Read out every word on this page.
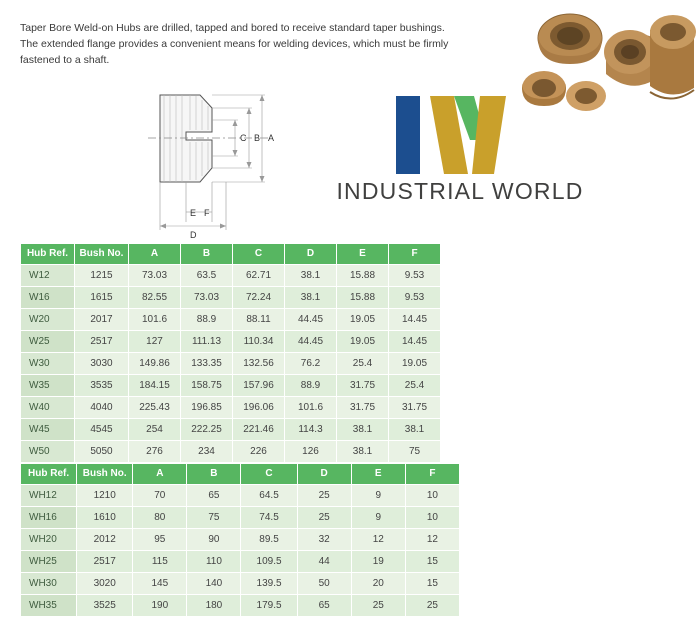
Taper Bore Weld-on Hubs are drilled, tapped and bored to receive standard taper bushings. The extended flange provides a convenient means for welding devices, which must be firmly fastened to a shaft.
A
B
C
E F
D
INDUSTRIAL WORLD
Hub Ref.	Bush No.	A	B	C	D	E	F
W12	1215	73.03	63.5	62.71	38.1	15.88	9.53
W16	1615	82.55	73.03	72.24	38.1	15.88	9.53
W20	2017	101.6	88.9	88.11	44.45	19.05	14.45
W25	2517	127	111.13	110.34	44.45	19.05	14.45
W30	3030	149.86	133.35	132.56	76.2	25.4	19.05
W35	3535	184.15	158.75	157.96	88.9	31.75	25.4
W40	4040	225.43	196.85	196.06	101.6	31.75	31.75
W45	4545	254	222.25	221.46	114.3	38.1	38.1
W50	5050	276	234	226	126	38.1	75
Hub Ref.	Bush No.	A	B	C	D	E	F
WH12	1210	70	65	64.5	25	9	10
WH16	1610	80	75	74.5	25	9	10
WH20	2012	95	90	89.5	32	12	12
WH25	2517	115	110	109.5	44	19	15
WH30	3020	145	140	139.5	50	20	15
WH35	3525	190	180	179.5	65	25	25
